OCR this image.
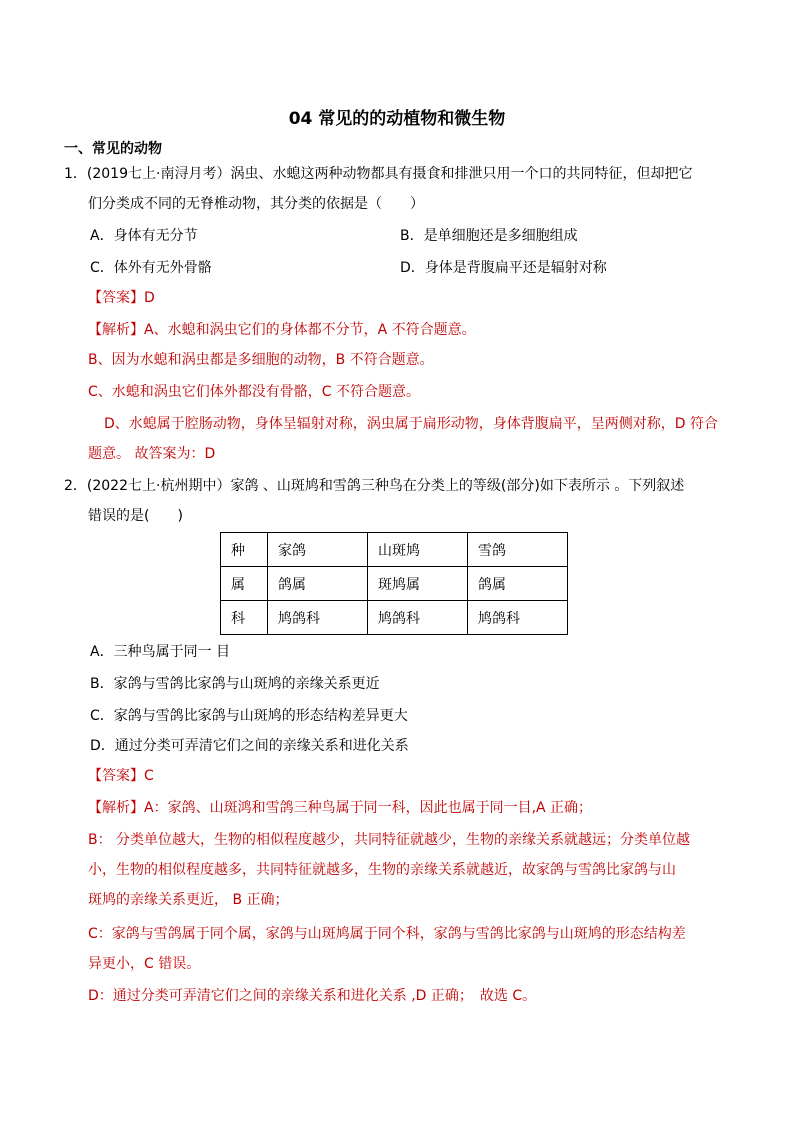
04 常见的的动植物和微生物
一、常见的动物
1．(2019七上·南浔月考）涡虫、水螅这两种动物都具有摄食和排泄只用一个口的共同特征，但却把它
们分类成不同的无脊椎动物，其分类的依据是（　　）
A．身体有无分节	B．是单细胞还是多细胞组成
C．体外有无外骨骼	D．身体是背腹扁平还是辐射对称
【答案】D
【解析】A、水螅和涡虫它们的身体都不分节，A 不符合题意。
B、因为水螅和涡虫都是多细胞的动物，B 不符合题意。
C、水螅和涡虫它们体外都没有骨骼，C 不符合题意。
D、水螅属于腔肠动物，身体呈辐射对称，涡虫属于扁形动物，身体背腹扁平，呈两侧对称，D 符合
题意。 故答案为：D
2．(2022七上·杭州期中）家鸽 、山斑鸠和雪鸽三种鸟在分类上的等级(部分)如下表所示 。下列叙述
错误的是(　　)
种	家鸽	山斑鸠	雪鸽
属	鸽属	斑鸠属	鸽属
科	鸠鸽科	鸠鸽科	鸠鸽科
A．三种鸟属于同一 目
B．家鸽与雪鸽比家鸽与山斑鸠的亲缘关系更近
C．家鸽与雪鸽比家鸽与山斑鸠的形态结构差异更大
D．通过分类可弄清它们之间的亲缘关系和进化关系
【答案】C
【解析】A：家鸽、山斑鸿和雪鸽三种鸟属于同一科，因此也属于同一目,A 正确；
B： 分类单位越大，生物的相似程度越少，共同特征就越少，生物的亲缘关系就越远；分类单位越
小，生物的相似程度越多，共同特征就越多，生物的亲缘关系就越近，故家鸽与雪鸽比家鸽与山
斑鸠的亲缘关系更近， B 正确；
C：家鸽与雪鸽属于同个属，家鸽与山斑鸠属于同个科，家鸽与雪鸽比家鸽与山斑鸠的形态结构差
异更小，C 错误。
D：通过分类可弄清它们之间的亲缘关系和进化关系 ,D 正确；　故选 C。
